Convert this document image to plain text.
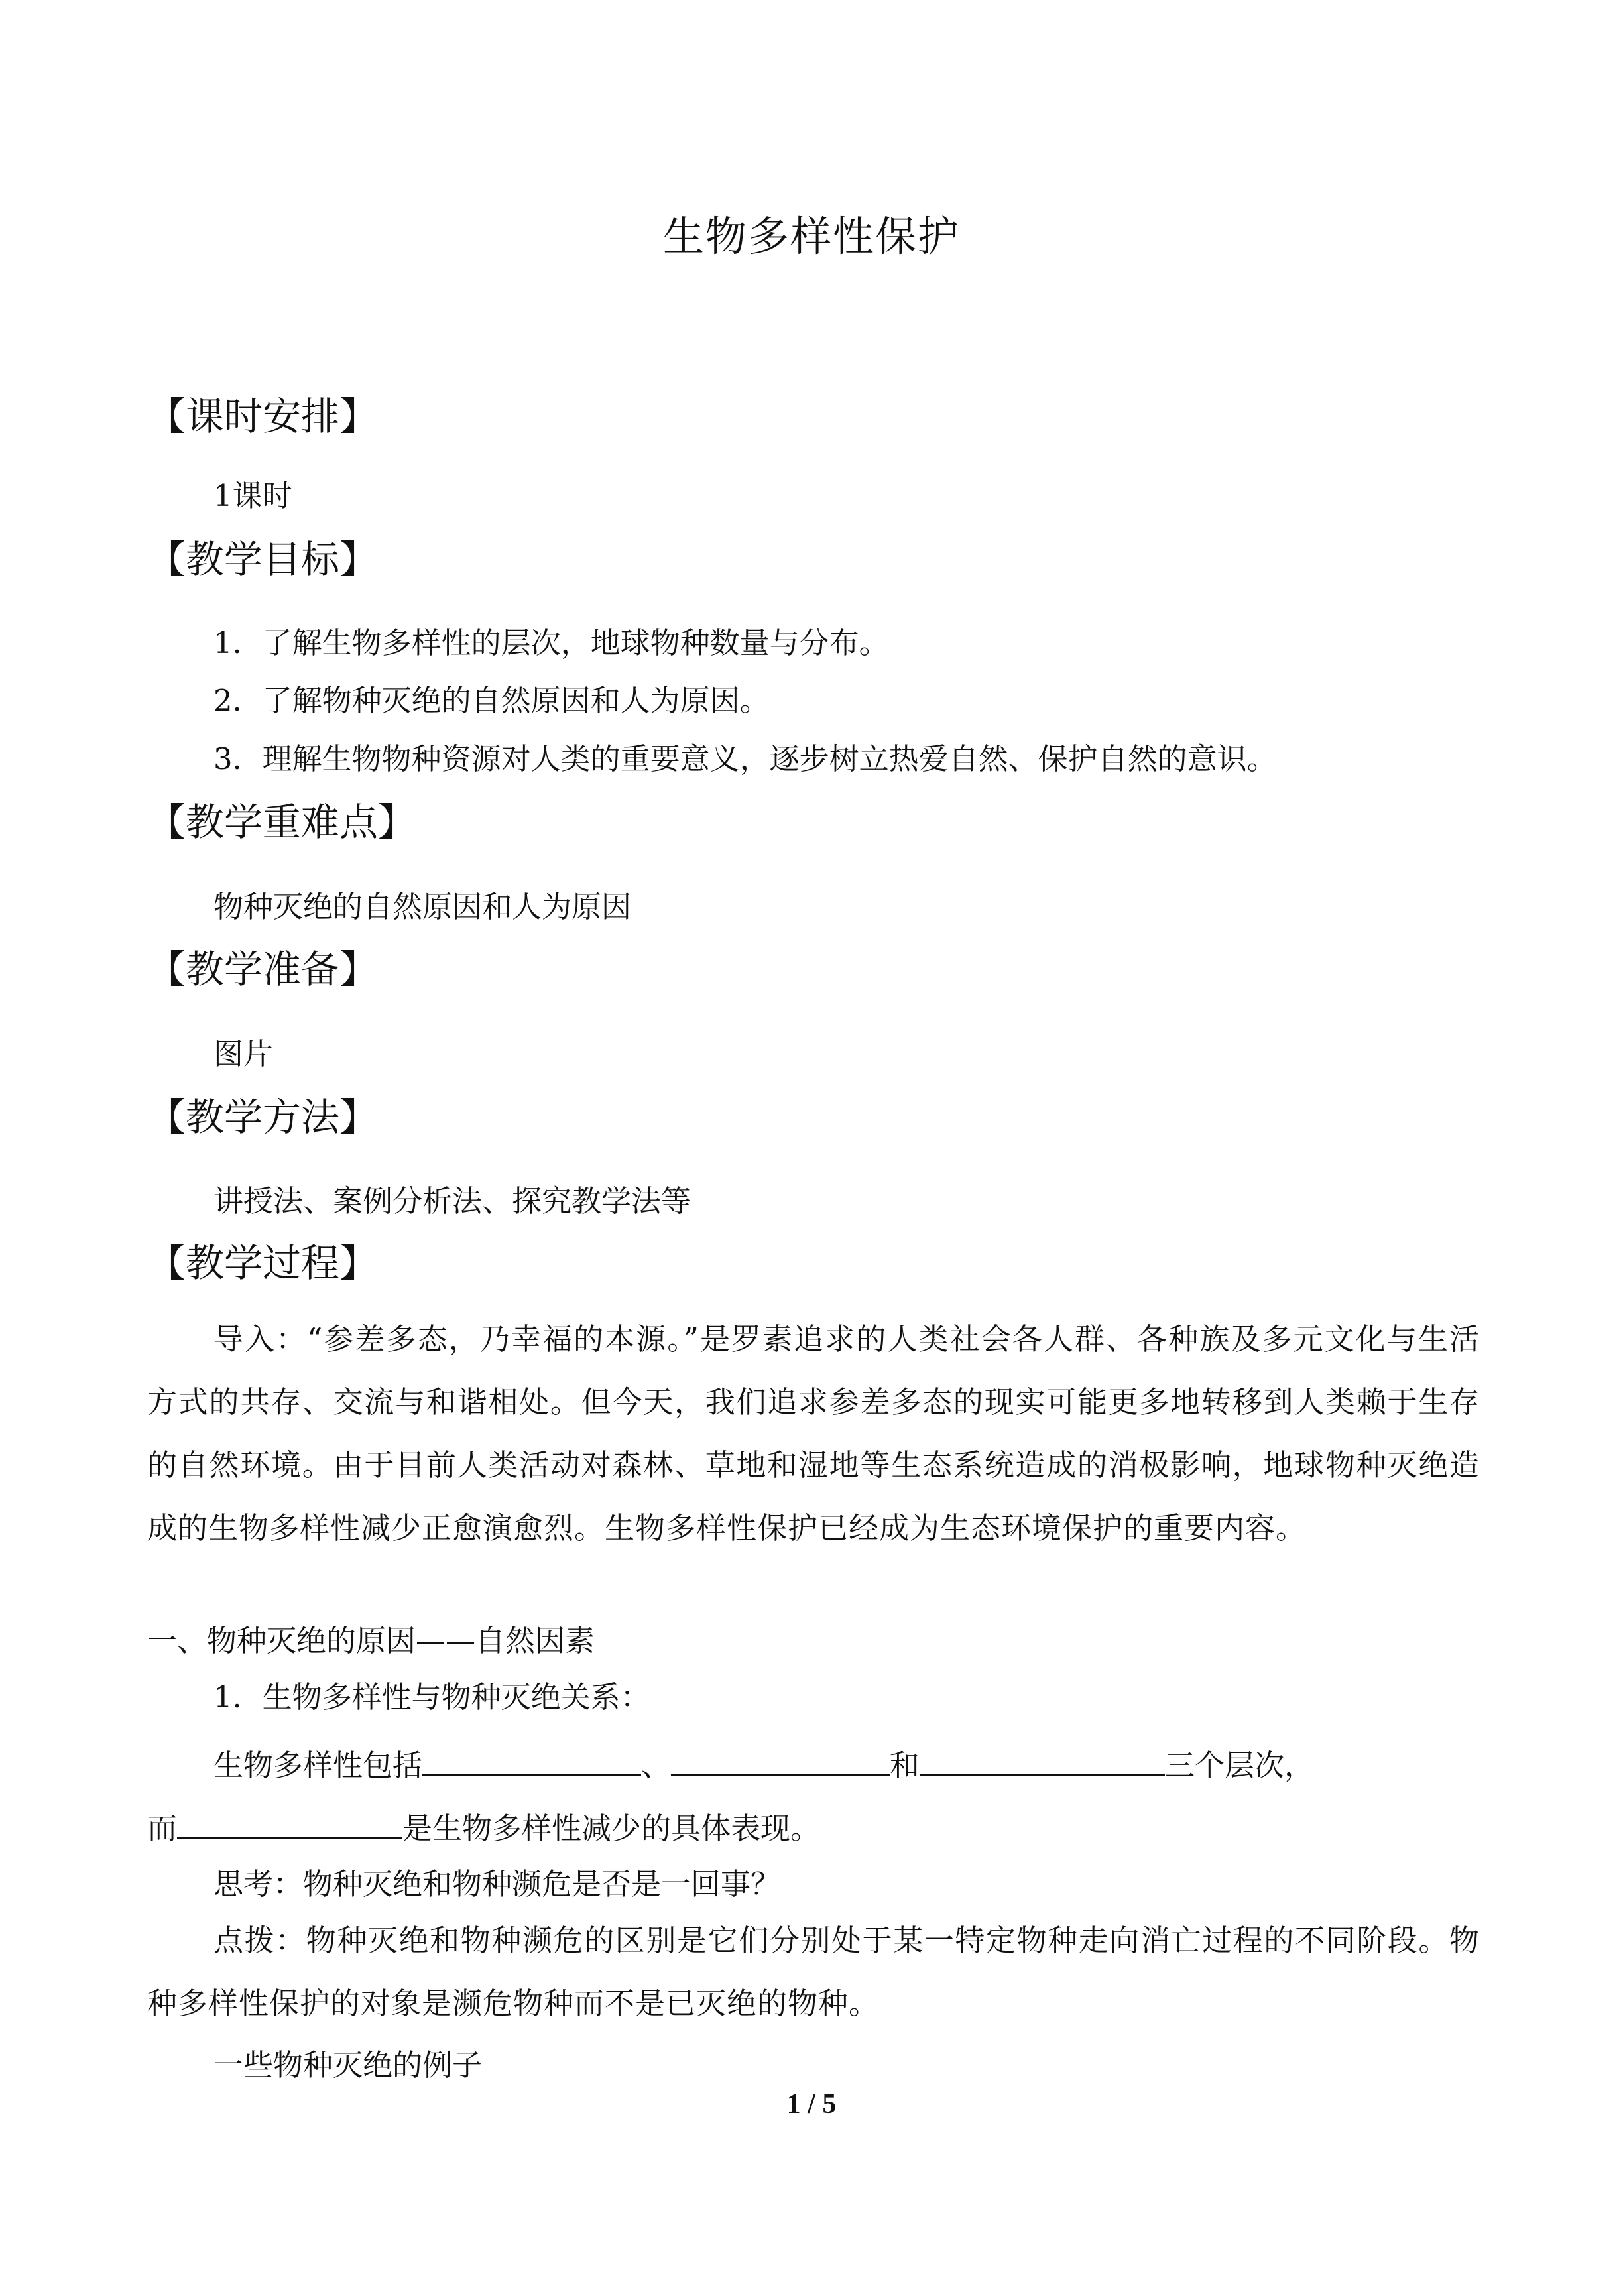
生物多样性保护
【课时安排】
1课时
【教学目标】
1．了解生物多样性的层次，地球物种数量与分布。
2．了解物种灭绝的自然原因和人为原因。
3．理解生物物种资源对人类的重要意义，逐步树立热爱自然、保护自然的意识。
【教学重难点】
物种灭绝的自然原因和人为原因
【教学准备】
图片
【教学方法】
讲授法、案例分析法、探究教学法等
【教学过程】
导入：“参差多态，乃幸福的本源。”是罗素追求的人类社会各人群、各种族及多元文化与生活方式的共存、交流与和谐相处。但今天，我们追求参差多态的现实可能更多地转移到人类赖于生存的自然环境。由于目前人类活动对森林、草地和湿地等生态系统造成的消极影响，地球物种灭绝造成的生物多样性减少正愈演愈烈。生物多样性保护已经成为生态环境保护的重要内容。
一、物种灭绝的原因——自然因素
1．生物多样性与物种灭绝关系：
生物多样性包括	、	和	三个层次，
而	是生物多样性减少的具体表现。
思考：物种灭绝和物种濒危是否是一回事？
点拨：物种灭绝和物种濒危的区别是它们分别处于某一特定物种走向消亡过程的不同阶段。物种多样性保护的对象是濒危物种而不是已灭绝的物种。
一些物种灭绝的例子
1 / 5
